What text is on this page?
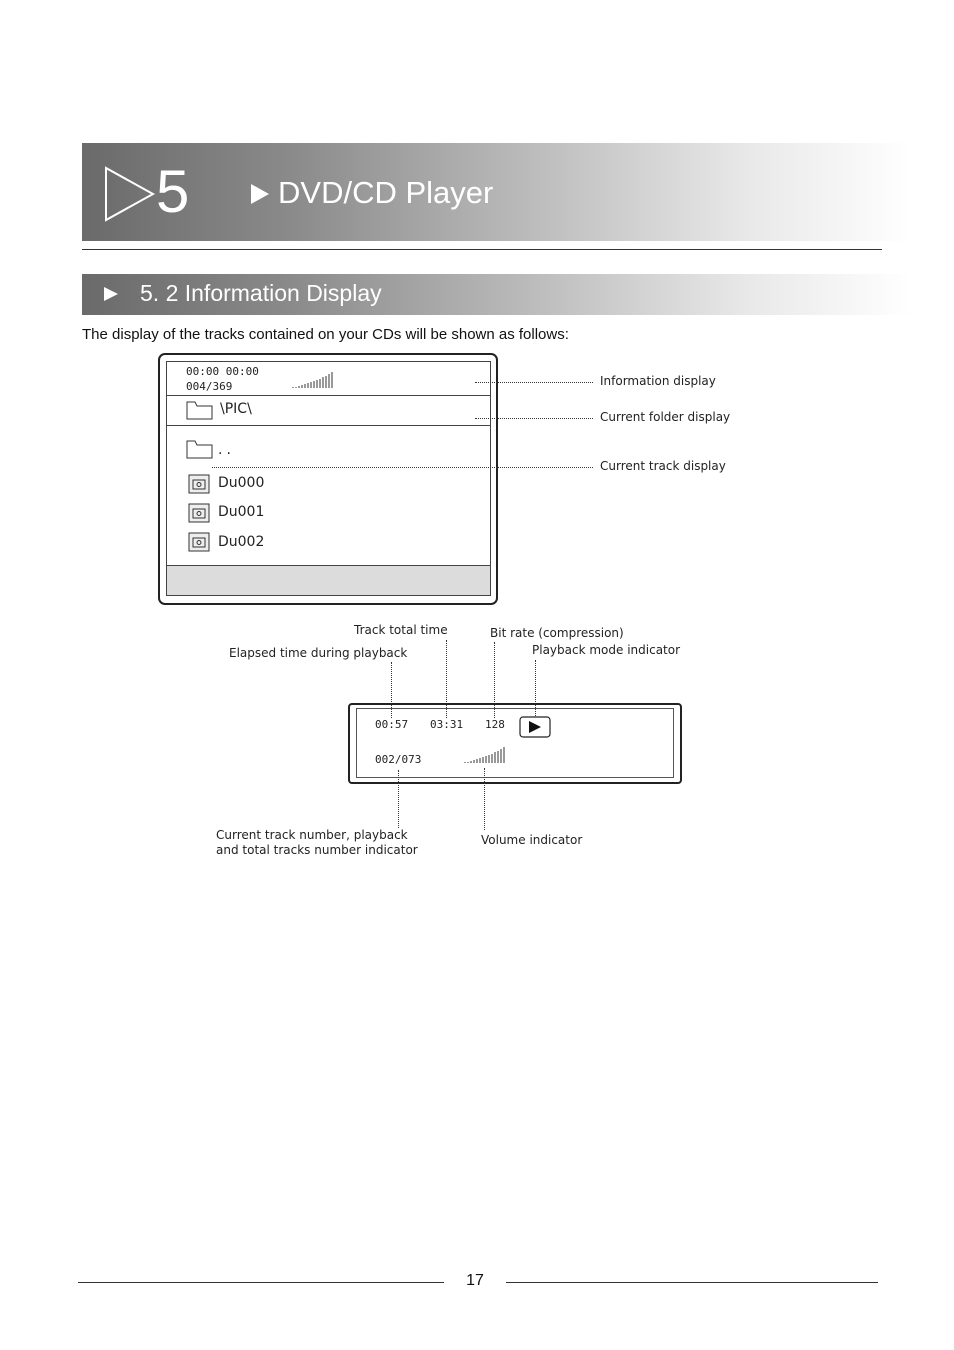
5	DVD/CD Player
5. 2 Information Display
The display of the tracks contained on your CDs will be shown as follows:
00:00 00:00
004/369
\PIC\
..
Du000
Du001
Du002
Information display
Current folder display
Current track display
Track total time	Bit rate (compression)
Elapsed time during playback	Playback mode indicator
00:57 03:31 128
002/073
Current track number, playback
and total tracks number indicator
Volume indicator
17
